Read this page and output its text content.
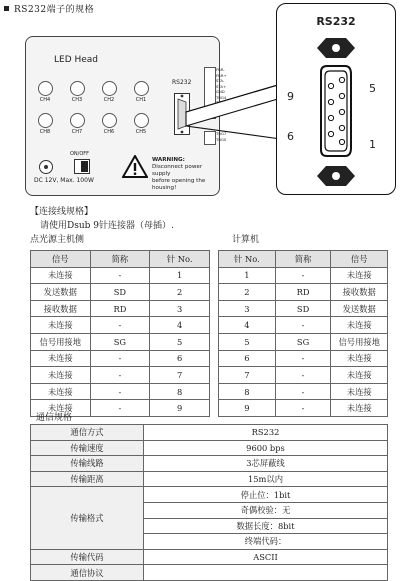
RS232端子的规格
LED Head
RS232
CH4	CH3	CH2	CH1
CH8	CH7	CH6	CH5
FRR-
FRR+
STA-
STA+
GND
TRG4
TRG7
TRG0
ON/OFF
DC 12V, Max. 100W
WARNING:
Disconnect power supply
before opening the housing!
RS232
9
5
6
1
【连接线规格】
请使用Dsub 9针连接器（母插）.
点光源主机侧	计算机
信号	简称	针 No.
未连接	-	1
发送数据	SD	2
接收数据	RD	3
未连接	-	4
信号用接地	SG	5
未连接	-	6
未连接	-	7
未连接	-	8
未连接	-	9
针 No.	简称	信号
1	-	未连接
2	RD	接收数据
3	SD	发送数据
4	-	未连接
5	SG	信号用接地
6	-	未连接
7	-	未连接
8	-	未连接
9	-	未连接
通信规格
通信方式	RS232
传输速度	9600 bps
传输线路	3芯屏蔽线
传输距离	15m以内
传输格式	停止位：1bit
	奇偶校验：无
	数据长度：8bit
	终端代码：
传输代码	ASCII
通信协议	
